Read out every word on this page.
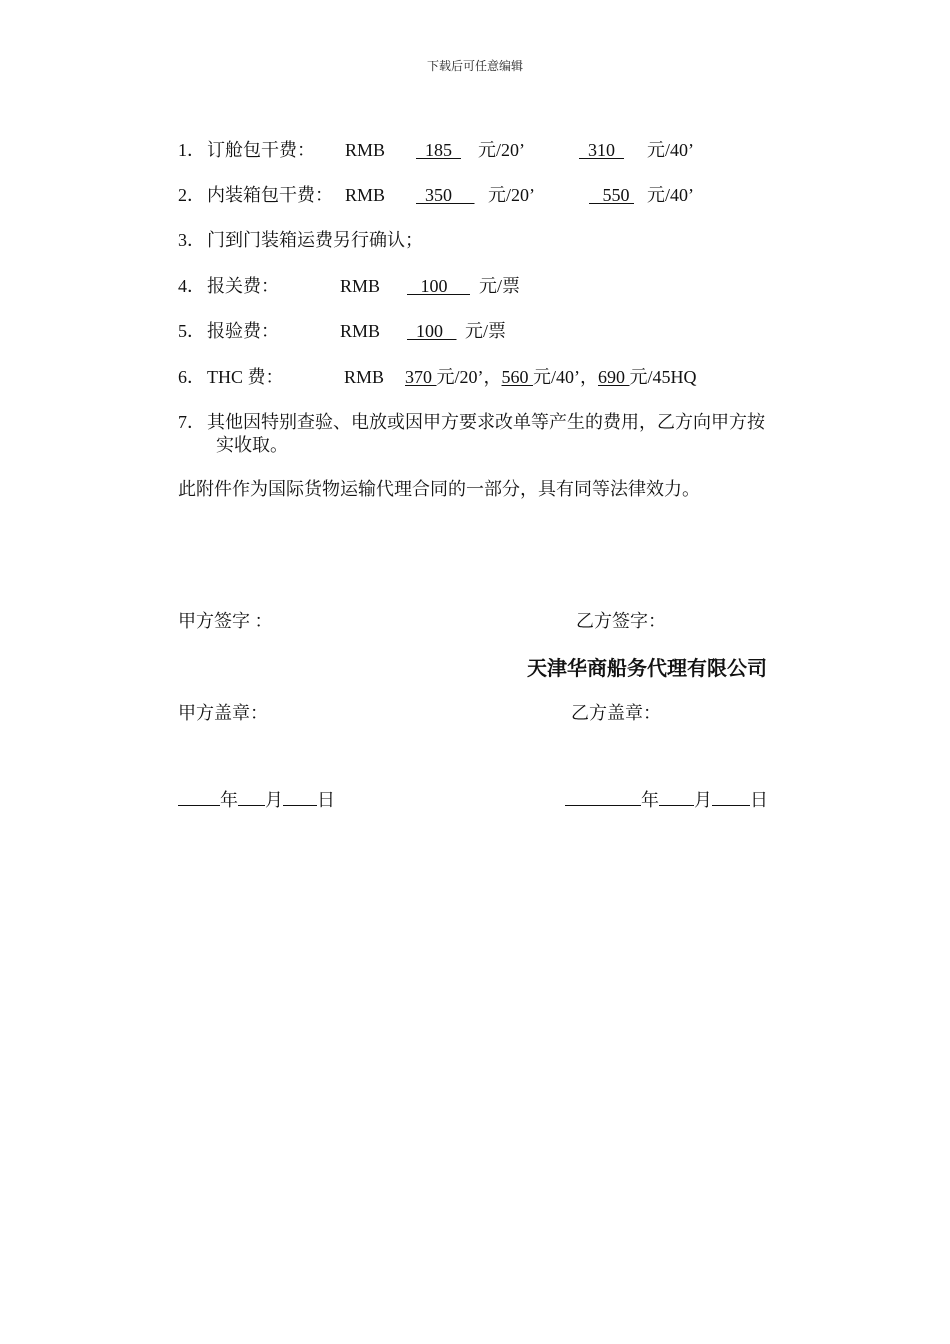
下载后可任意编辑
1． 订舱包干费： RMB 185 元/20’	310 元/40’
2． 内装箱包干费： RMB 350 元/20’	550 元/40’
3． 门到门装箱运费另行确认；
4． 报关费：	RMB 100 元/票
5． 报验费：	RMB 100 元/票
6． THC 费：	RMB 370 元/20’，560 元/40’，690 元/45HQ
7． 其他因特别查验、电放或因甲方要求改单等产生的费用，乙方向甲方按
实收取。
此附件作为国际货物运输代理合同的一部分，具有同等法律效力。
甲方签字 ：	乙方签字：
天津华商船务代理有限公司
甲方盖章：	乙方盖章：
年 月 日	年 月 日
